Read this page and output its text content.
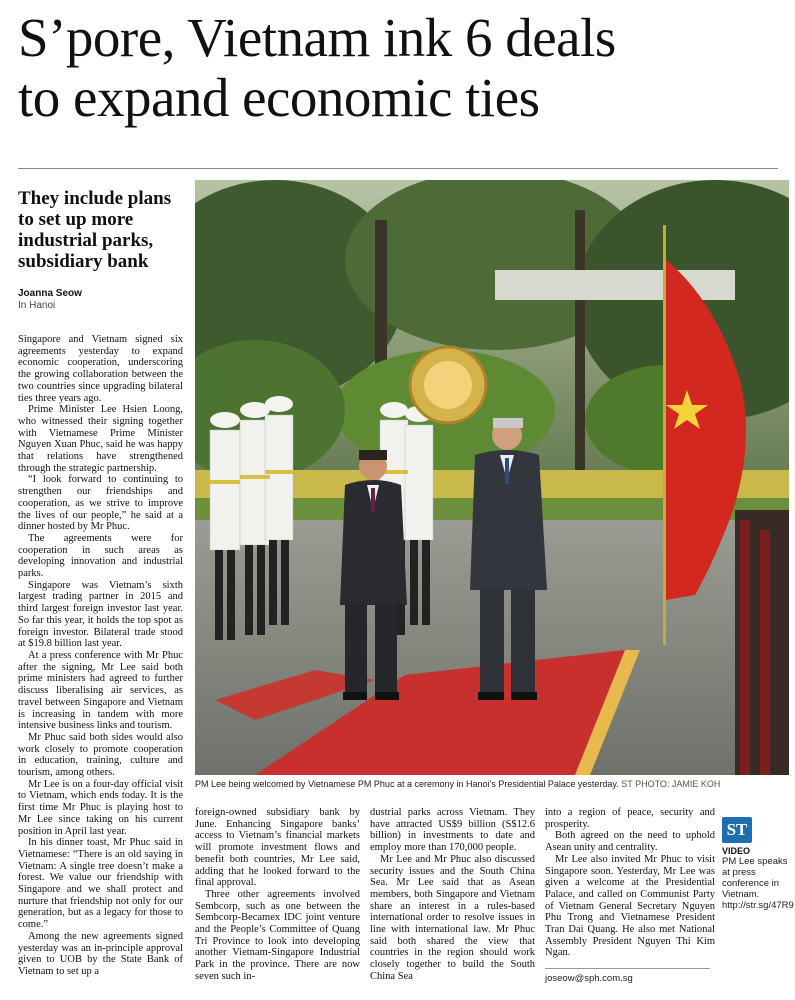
S’pore, Vietnam ink 6 deals
to expand economic ties
They include plans to set up more industrial parks, subsidiary bank
Joanna Seow
In Hanoi
PM Lee being welcomed by Vietnamese PM Phuc at a ceremony in Hanoi’s Presidential Palace yesterday. ST PHOTO: JAMIE KOH

Singapore and Vietnam signed six agreements yesterday to expand economic cooperation, underscoring the growing collaboration between the two countries since upgrading bilateral ties three years ago.

Prime Minister Lee Hsien Loong, who witnessed their signing together with Vietnamese Prime Minister Nguyen Xuan Phuc, said he was happy that relations have strengthened through the strategic partnership.

“I look forward to continuing to strengthen our friendships and cooperation, as we strive to improve the lives of our people,” he said at a dinner hosted by Mr Phuc.

The agreements were for cooperation in such areas as developing innovation and industrial parks.

Singapore was Vietnam’s sixth largest trading partner in 2015 and third largest foreign investor last year. So far this year, it holds the top spot as foreign investor. Bilateral trade stood at $19.8 billion last year.

At a press conference with Mr Phuc after the signing, Mr Lee said both prime ministers had agreed to further discuss liberalising air services, as travel between Singapore and Vietnam is increasing in tandem with more intensive business links and tourism.

Mr Phuc said both sides would also work closely to promote cooperation in education, training, culture and tourism, among others.

Mr Lee is on a four-day official visit to Vietnam, which ends today. It is the first time Mr Phuc is playing host to Mr Lee since taking on his current position in April last year.

In his dinner toast, Mr Phuc said in Vietnamese: “There is an old saying in Vietnam: A single tree doesn’t make a forest. We value our friendship with Singapore and we shall protect and nurture that friendship not only for our generation, but as a legacy for those to come.”

Among the new agreements signed yesterday was an in-principle approval given to UOB by the State Bank of Vietnam to set up a

foreign-owned subsidiary bank by June. Enhancing Singapore banks’ access to Vietnam’s financial markets will promote investment flows and benefit both countries, Mr Lee said, adding that he looked forward to the final approval.

Three other agreements involved Sembcorp, such as one between the Sembcorp-Becamex IDC joint venture and the People’s Committee of Quang Tri Province to look into developing another Vietnam-Singapore Industrial Park in the province. There are now seven such in-

dustrial parks across Vietnam. They have attracted US$9 billion (S$12.6 billion) in investments to date and employ more than 170,000 people.

Mr Lee and Mr Phuc also discussed security issues and the South China Sea. Mr Lee said that as Asean members, both Singapore and Vietnam share an interest in a rules-based international order to resolve issues in line with international law. Mr Phuc said both shared the view that countries in the region should work closely together to build the South China Sea

into a region of peace, security and prosperity.

Both agreed on the need to uphold Asean unity and centrality.

Mr Lee also invited Mr Phuc to visit Singapore soon. Yesterday, Mr Lee was given a welcome at the Presidential Palace, and called on Communist Party of Vietnam General Secretary Nguyen Phu Trong and Vietnamese President Tran Dai Quang. He also met National Assembly President Nguyen Thi Kim Ngan.

joseow@sph.com.sg
ST
VIDEO
PM Lee speaks at press conference in Vietnam. http://str.sg/47R9
